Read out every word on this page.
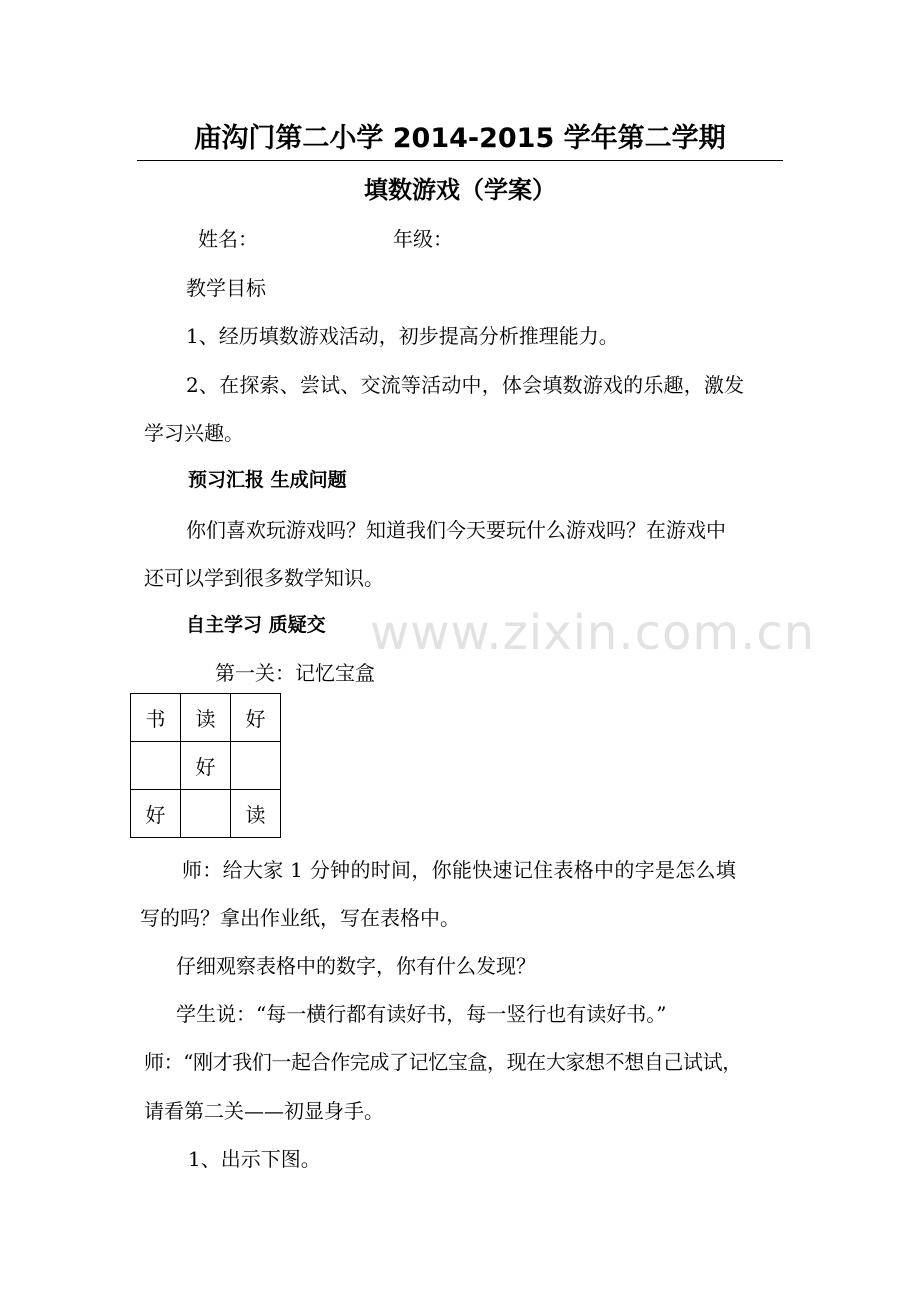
庙沟门第二小学 2014-2015 学年第二学期
填数游戏（学案）
姓名：	年级：
教学目标
1、经历填数游戏活动，初步提高分析推理能力。
2、在探索、尝试、交流等活动中，体会填数游戏的乐趣，激发
学习兴趣。
预习汇报 生成问题
你们喜欢玩游戏吗？知道我们今天要玩什么游戏吗？在游戏中
还可以学到很多数学知识。
www.zixin.com.cn
自主学习 质疑交
第一关：记忆宝盒
书	读	好
	好	
好		读
师：给大家 1 分钟的时间，你能快速记住表格中的字是怎么填
写的吗？拿出作业纸，写在表格中。
仔细观察表格中的数字，你有什么发现？
学生说：“每一横行都有读好书，每一竖行也有读好书。”
师：“刚才我们一起合作完成了记忆宝盒，现在大家想不想自己试试，
请看第二关——初显身手。
1、出示下图。
